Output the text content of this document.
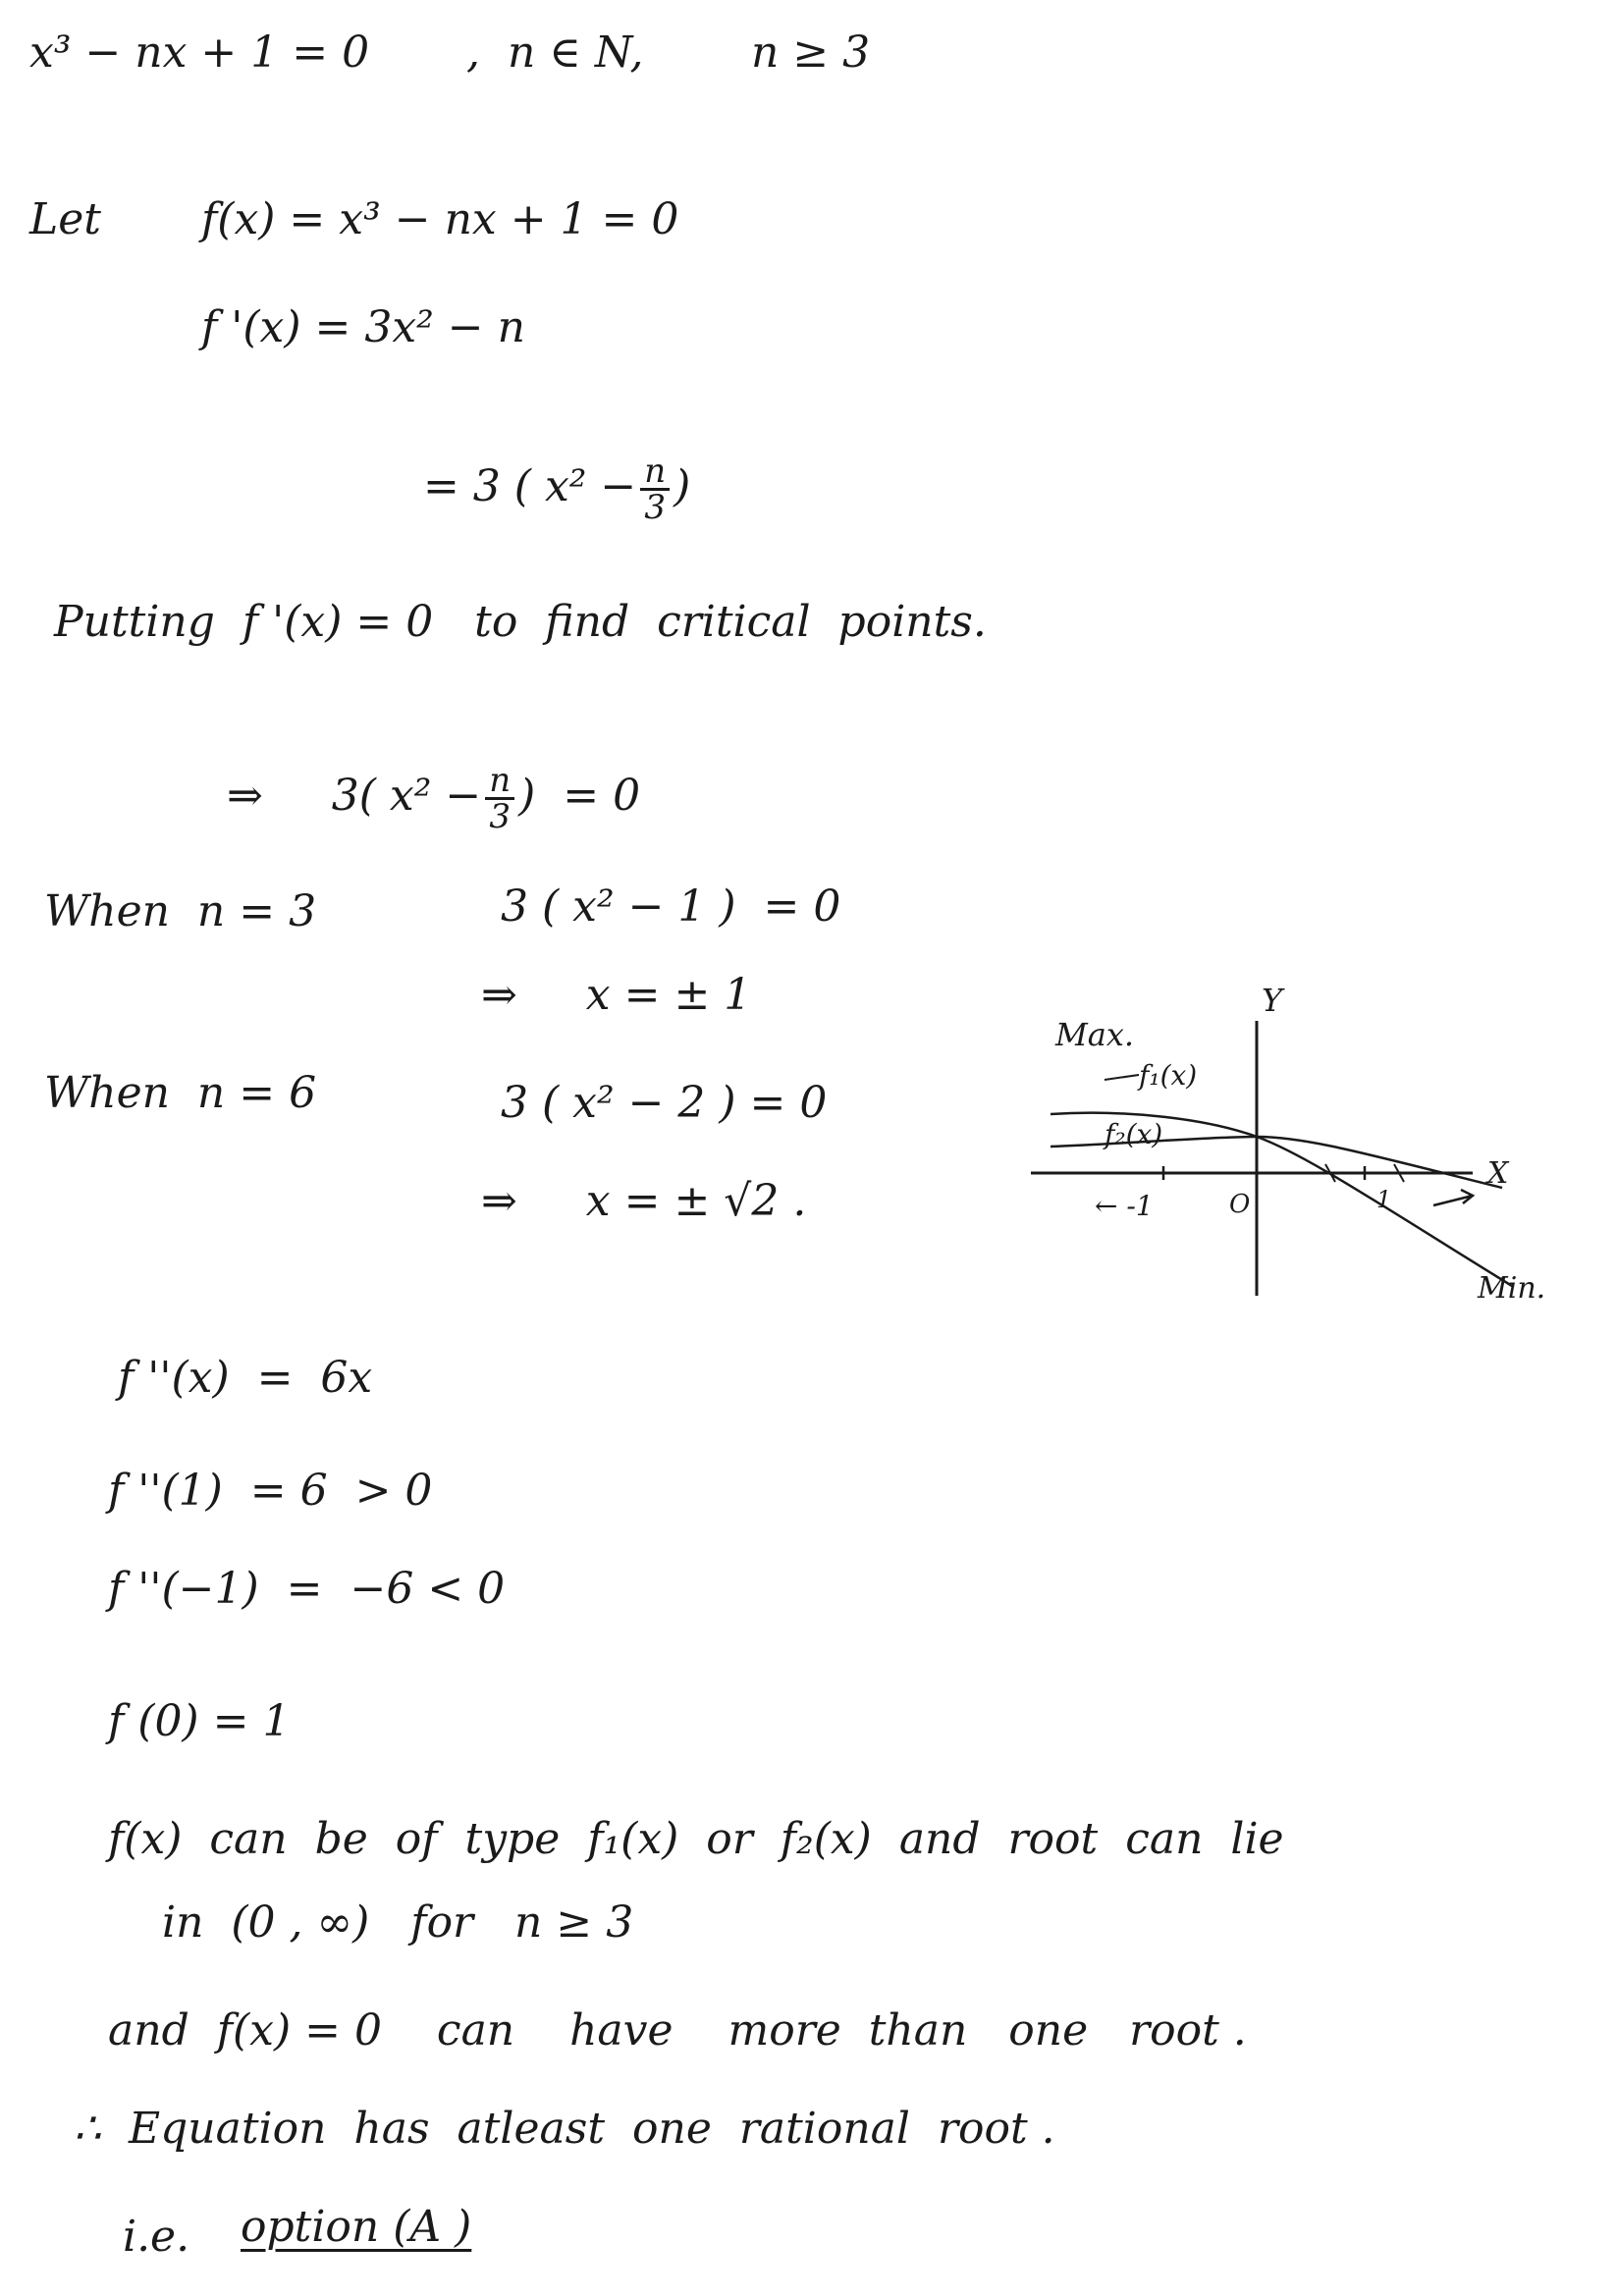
x³ − nx + 1 = 0 ,  n ∈ N, n ≥ 3
Let f(x) = x³ − nx + 1 = 0
f '(x) = 3x² − n

= 3 ( $x^2 - \frac{n}{3}$ )

Putting  f '(x) = 0   to  find  critical  points.

⇒     3( $x^2 - \frac{n}{3}$ )  = 0

When  n = 3	3 ( x² − 1 )  = 0
⇒     x = ± 1
When  n = 6	3 ( x² − 2 ) = 0
⇒     x = ± √2 .
f ''(x)  =  6x
f ''(1)  = 6  > 0
f ''(−1)  =  −6 < 0
f (0) = 1
f(x)  can  be  of  type  f₁(x)  or  f₂(x)  and  root  can  lie
in  (0 , ∞)   for   n ≥ 3
and  f(x) = 0    can    have    more  than   one   root .
∴  Equation  has  atleast  one  rational  root .
i.e. option (A )
Max.
Y
f₁(x)
f₂(x)
X
O
← -1	1
Min.
